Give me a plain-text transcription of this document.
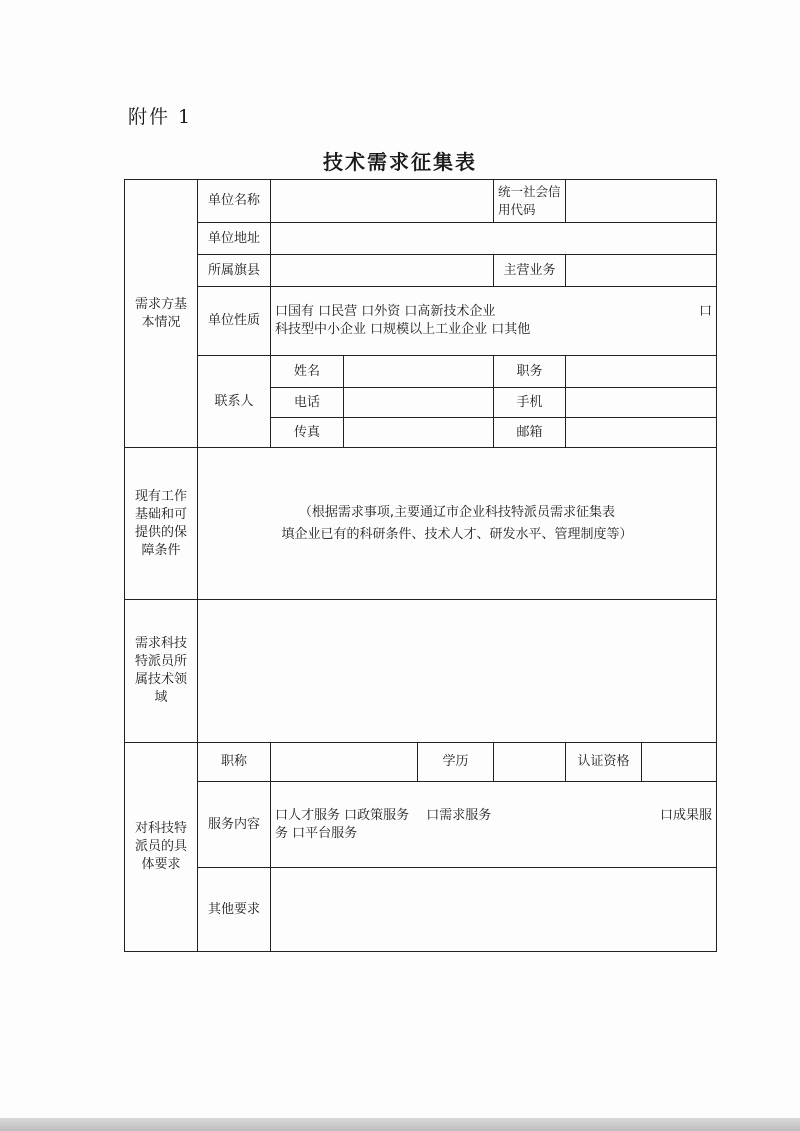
附件 1
技术需求征集表
需求方基本情况	单位名称				统一社会信用代码		
	单位地址						
	所属旗县				主营业务		
	单位性质	口国有 口民营 口外资 口高新技术企业 口
科技型中小企业 口规模以上工业企业 口其他					

	联系人	姓名			职务		
		电话			手机		
		传真			邮箱		
现有工作基础和可提供的保障条件	（根据需求事项,主要通辽市企业科技特派员需求征集表
填企业已有的科研条件、技术人才、研发水平、管理制度等）						

需求科技特派员所属技术领域							
对科技特派员的具体要求	职称			学历		认证资格	
	服务内容	口人才服务 口政策服务　 口需求服务 口成果服
务 口平台服务					

	其他要求						
